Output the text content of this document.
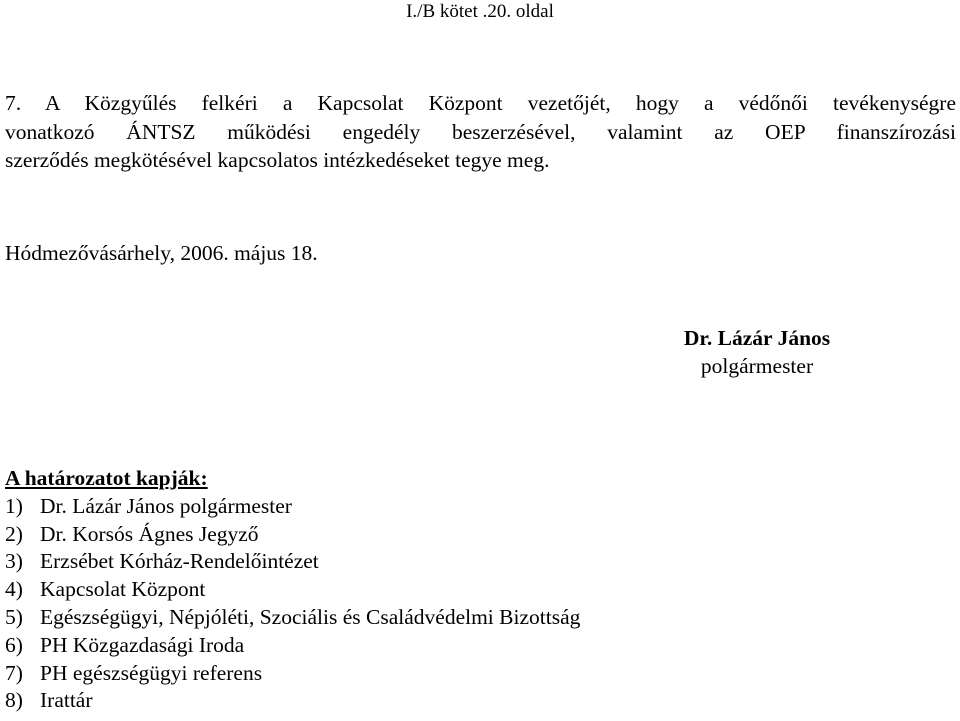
I./B kötet .20. oldal
7. A Közgyűlés felkéri a Kapcsolat Központ vezetőjét, hogy a védőnői tevékenységre
vonatkozó ÁNTSZ működési engedély beszerzésével, valamint az OEP finanszírozási
szerződés megkötésével kapcsolatos intézkedéseket tegye meg.
Hódmezővásárhely, 2006. május 18.
Dr. Lázár János
polgármester
A határozatot kapják:
1) Dr. Lázár János polgármester
2) Dr. Korsós Ágnes Jegyző
3) Erzsébet Kórház-Rendelőintézet
4) Kapcsolat Központ
5) Egészségügyi, Népjóléti, Szociális és Családvédelmi Bizottság
6) PH Közgazdasági Iroda
7) PH egészségügyi referens
8) Irattár
